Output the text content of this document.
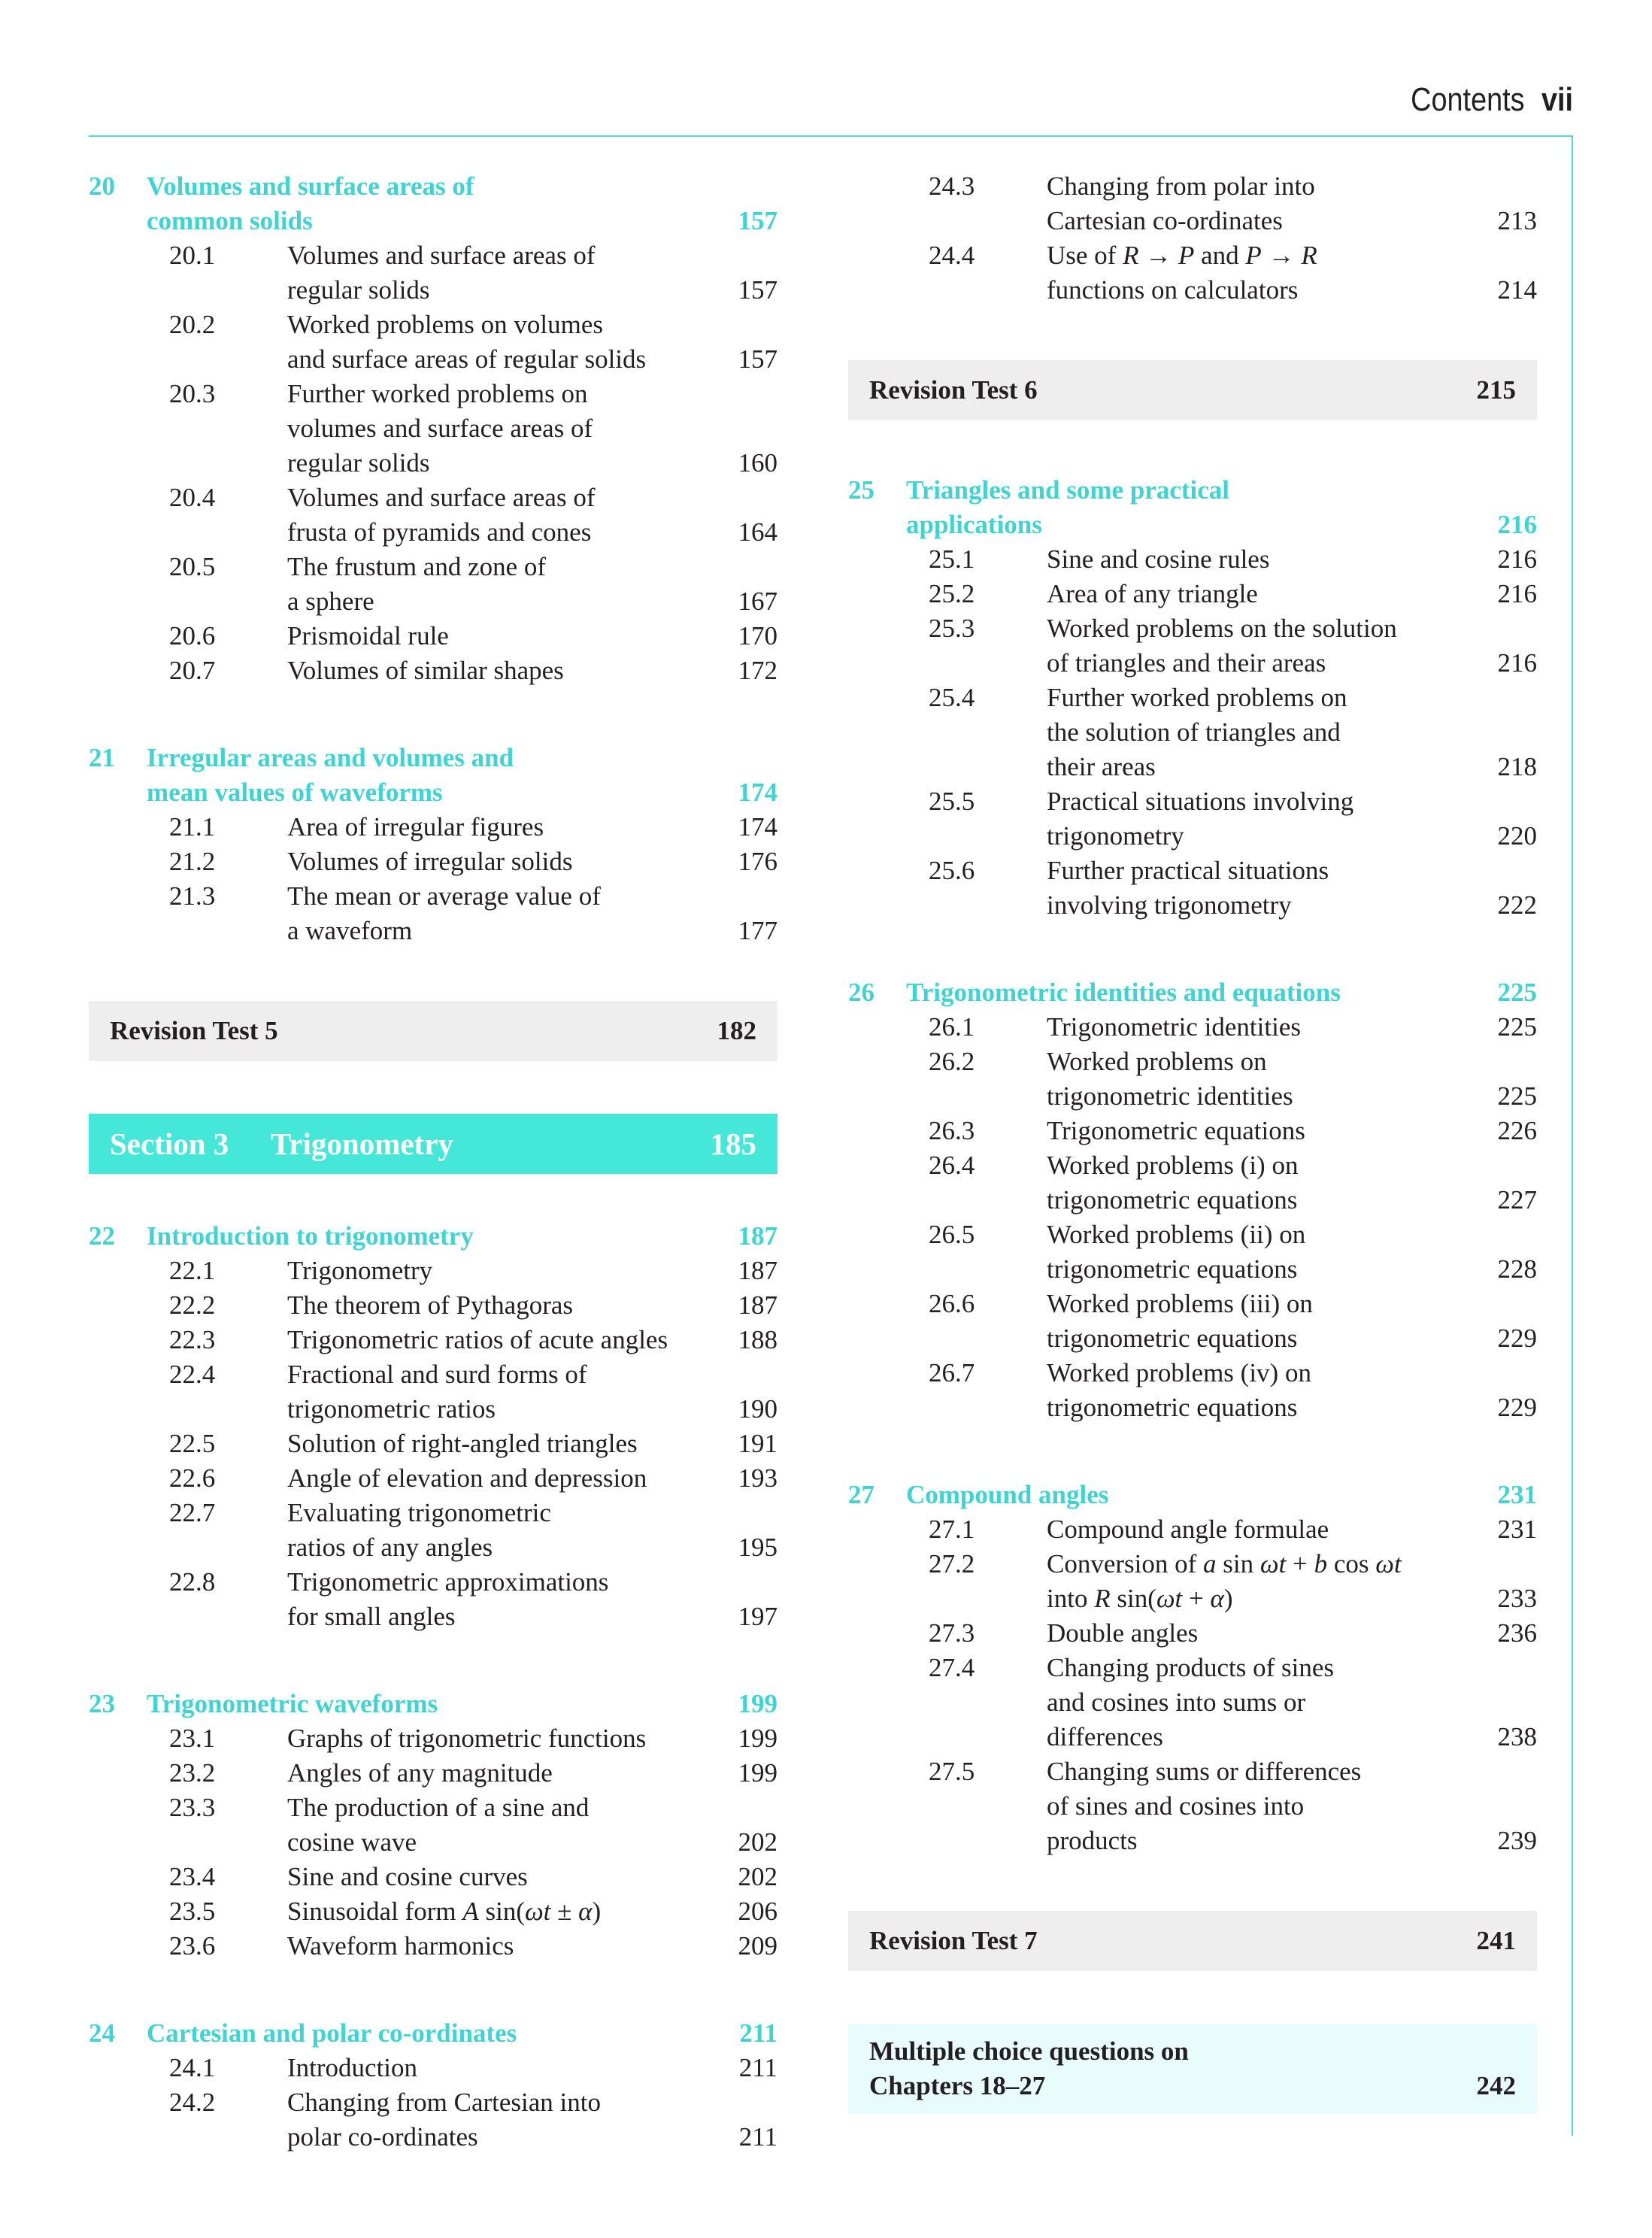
Contents vii
20	Volumes and surface areas of
common solids	157
20.1	Volumes and surface areas of
regular solids	157
20.2	Worked problems on volumes
and surface areas of regular solids	157
20.3	Further worked problems on
volumes and surface areas of
regular solids	160
20.4	Volumes and surface areas of
frusta of pyramids and cones	164
20.5	The frustum and zone of
a sphere	167
20.6	Prismoidal rule	170
20.7	Volumes of similar shapes	172
21	Irregular areas and volumes and
mean values of waveforms	174
21.1	Area of irregular figures	174
21.2	Volumes of irregular solids	176
21.3	The mean or average value of
a waveform	177
Revision Test 5	182
Section 3	Trigonometry	185
22	Introduction to trigonometry	187
22.1	Trigonometry	187
22.2	The theorem of Pythagoras	187
22.3	Trigonometric ratios of acute angles	188
22.4	Fractional and surd forms of
trigonometric ratios	190
22.5	Solution of right-angled triangles	191
22.6	Angle of elevation and depression	193
22.7	Evaluating trigonometric
ratios of any angles	195
22.8	Trigonometric approximations
for small angles	197
23	Trigonometric waveforms	199
23.1	Graphs of trigonometric functions	199
23.2	Angles of any magnitude	199
23.3	The production of a sine and
cosine wave	202
23.4	Sine and cosine curves	202
23.5	Sinusoidal form A sin(ωt ± α)	206
23.6	Waveform harmonics	209
24	Cartesian and polar co-ordinates	211
24.1	Introduction	211
24.2	Changing from Cartesian into
polar co-ordinates	211
24.3	Changing from polar into
Cartesian co-ordinates	213
24.4	Use of R → P and P → R
functions on calculators	214
Revision Test 6	215
25	Triangles and some practical
applications	216
25.1	Sine and cosine rules	216
25.2	Area of any triangle	216
25.3	Worked problems on the solution
of triangles and their areas	216
25.4	Further worked problems on
the solution of triangles and
their areas	218
25.5	Practical situations involving
trigonometry	220
25.6	Further practical situations
involving trigonometry	222
26	Trigonometric identities and equations	225
26.1	Trigonometric identities	225
26.2	Worked problems on
trigonometric identities	225
26.3	Trigonometric equations	226
26.4	Worked problems (i) on
trigonometric equations	227
26.5	Worked problems (ii) on
trigonometric equations	228
26.6	Worked problems (iii) on
trigonometric equations	229
26.7	Worked problems (iv) on
trigonometric equations	229
27	Compound angles	231
27.1	Compound angle formulae	231
27.2	Conversion of a sin ωt + b cos ωt
into R sin(ωt + α)	233
27.3	Double angles	236
27.4	Changing products of sines
and cosines into sums or
differences	238
27.5	Changing sums or differences
of sines and cosines into
products	239
Revision Test 7	241
Multiple choice questions on
Chapters 18–27	242
